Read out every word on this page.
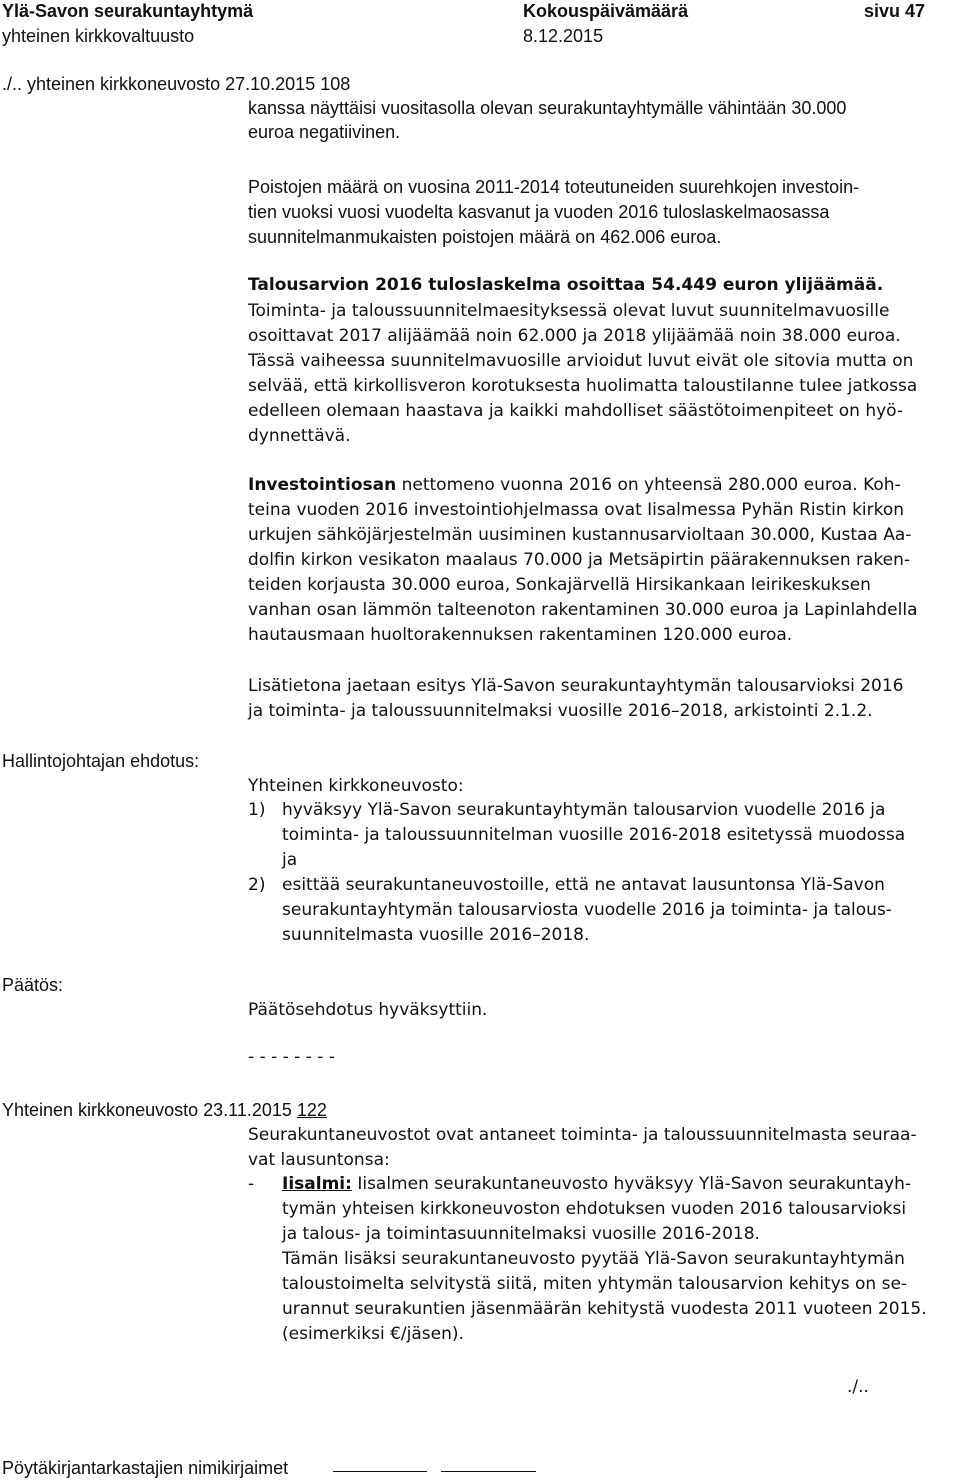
Ylä-Savon seurakuntayhtymä	Kokouspäivämäärä	sivu 47
yhteinen kirkkovaltuusto	8.12.2015
./.. yhteinen kirkkoneuvosto 27.10.2015 108
kanssa näyttäisi vuositasolla olevan seurakuntayhtymälle vähintään 30.000
euroa negatiivinen.
Poistojen määrä on vuosina 2011-2014 toteutuneiden suurehkojen investoin-
tien vuoksi vuosi vuodelta kasvanut ja vuoden 2016 tuloslaskelmaosassa
suunnitelmanmukaisten poistojen määrä on 462.006 euroa.
Talousarvion 2016 tuloslaskelma osoittaa 54.449 euron ylijäämää.
Toiminta- ja taloussuunnitelmaesityksessä olevat luvut suunnitelmavuosille
osoittavat 2017 alijäämää noin 62.000 ja 2018 ylijäämää noin 38.000 euroa.
Tässä vaiheessa suunnitelmavuosille arvioidut luvut eivät ole sitovia mutta on
selvää, että kirkollisveron korotuksesta huolimatta taloustilanne tulee jatkossa
edelleen olemaan haastava ja kaikki mahdolliset säästötoimenpiteet on hyö-
dynnettävä.
Investointiosan nettomeno vuonna 2016 on yhteensä 280.000 euroa. Koh-
teina vuoden 2016 investointiohjelmassa ovat Iisalmessa Pyhän Ristin kirkon
urkujen sähköjärjestelmän uusiminen kustannusarvioltaan 30.000, Kustaa Aa-
dolfin kirkon vesikaton maalaus 70.000 ja Metsäpirtin päärakennuksen raken-
teiden korjausta 30.000 euroa, Sonkajärvellä Hirsikankaan leirikeskuksen
vanhan osan lämmön talteenoton rakentaminen 30.000 euroa ja Lapinlahdella
hautausmaan huoltorakennuksen rakentaminen 120.000 euroa.
Lisätietona jaetaan esitys Ylä-Savon seurakuntayhtymän talousarvioksi 2016
ja toiminta- ja taloussuunnitelmaksi vuosille 2016–2018, arkistointi 2.1.2.
Hallintojohtajan ehdotus:
Yhteinen kirkkoneuvosto:
1) hyväksyy Ylä-Savon seurakuntayhtymän talousarvion vuodelle 2016 ja
toiminta- ja taloussuunnitelman vuosille 2016-2018 esitetyssä muodossa
ja
2) esittää seurakuntaneuvostoille, että ne antavat lausuntonsa Ylä-Savon
seurakuntayhtymän talousarviosta vuodelle 2016 ja toiminta- ja talous-
suunnitelmasta vuosille 2016–2018.
Päätös:
Päätösehdotus hyväksyttiin.
- - - - - - - -
Yhteinen kirkkoneuvosto 23.11.2015 122
Seurakuntaneuvostot ovat antaneet toiminta- ja taloussuunnitelmasta seuraa-
vat lausuntonsa:
- Iisalmi: Iisalmen seurakuntaneuvosto hyväksyy Ylä-Savon seurakuntayh-
tymän yhteisen kirkkoneuvoston ehdotuksen vuoden 2016 talousarvioksi
ja talous- ja toimintasuunnitelmaksi vuosille 2016-2018.
Tämän lisäksi seurakuntaneuvosto pyytää Ylä-Savon seurakuntayhtymän
taloustoimelta selvitystä siitä, miten yhtymän talousarvion kehitys on se-
urannut seurakuntien jäsenmäärän kehitystä vuodesta 2011 vuoteen 2015.
(esimerkiksi €/jäsen).
./..
Pöytäkirjantarkastajien nimikirjaimet
